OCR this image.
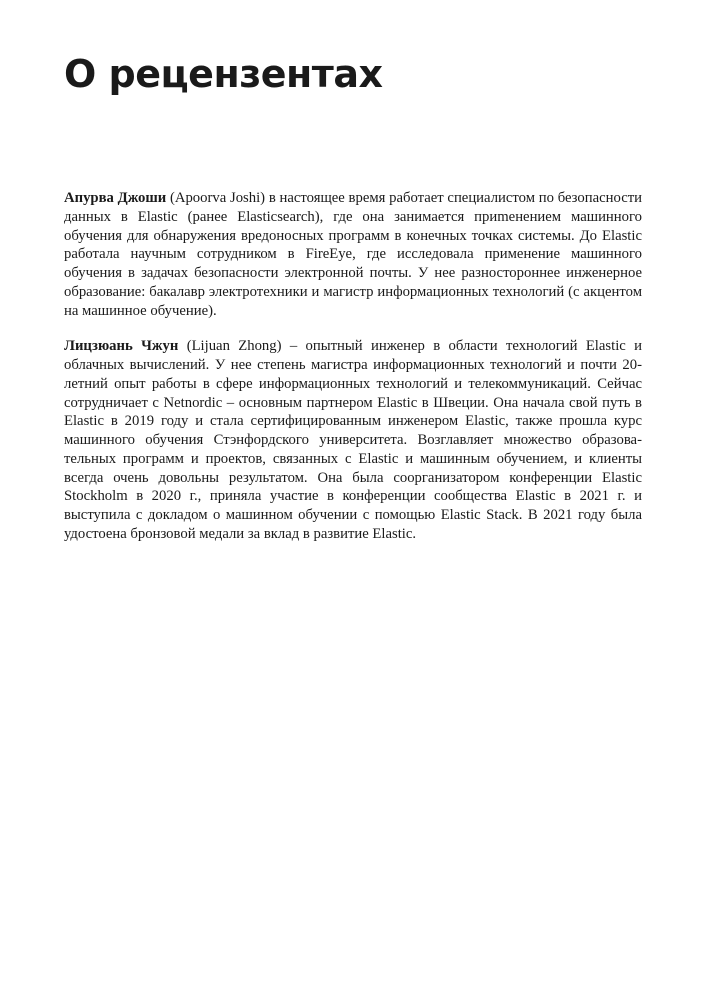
О рецензентах

Апурва Джоши (Apoorva Joshi) в настоящее время работает специалистом по безопасности данных в Elastic (ранее Elasticsearch), где она занимается приmенением машинного обучения для обнаружения вредоносных программ в конечных точках системы. До Elastic работала научным сотрудником в FireEye, где исследовала применение машинного обучения в задачах безопасности электронной почты. У нее разностороннее инженерное образование: бакалавр электротехники и магистр информационных технологий (с акцентом на машинное обучение).

Лицзюань Чжун (Lijuan Zhong) – опытный инженер в области технологий Elastic и облачных вычислений. У нее степень магистра информационных технологий и почти 20-летний опыт работы в сфере информационных технологий и телекоммуникаций. Сейчас сотрудничает с Netnordic – основным партнером Elastic в Швеции. Она начала свой путь в Elastic в 2019 году и стала сертифицированным инженером Elastic, также прошла курс машинного обучения Стэнфордского университета. Возглавляет множество образовательных программ и проектов, связанных с Elastic и машинным обучением, и клиенты всегда очень довольны результатом. Она была соорганизатором конференции Elastic Stockholm в 2020 г., приняла участие в конференции сообщества Elastic в 2021 г. и выступила с докладом о машинном обучении с помощью Elastic Stack. В 2021 году была удостоена бронзовой медали за вклад в развитие Elastic.
